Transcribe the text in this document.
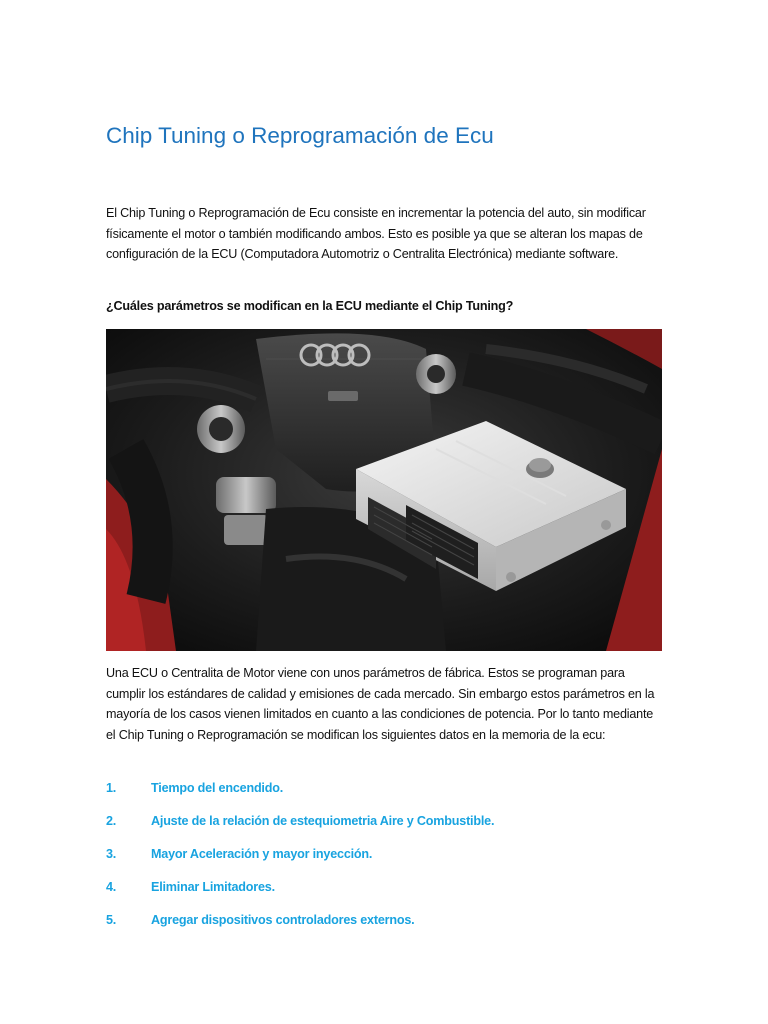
Chip Tuning o Reprogramación de Ecu

El Chip Tuning o Reprogramación de Ecu consiste en incrementar la potencia del auto, sin modificar físicamente el motor o también modificando ambos. Esto es posible ya que se alteran los mapas de configuración de la ECU (Computadora Automotriz o Centralita Electrónica) mediante software.

¿Cuáles parámetros se modifican en la ECU mediante el Chip Tuning?

Una ECU o Centralita de Motor viene con unos parámetros de fábrica. Estos se programan para cumplir los estándares de calidad y emisiones de cada mercado. Sin embargo estos parámetros en la mayoría de los casos vienen limitados en cuanto a las condiciones de potencia. Por lo tanto mediante el Chip Tuning o Reprogramación se modifican los siguientes datos en la memoria de la ecu:

1.	Tiempo del encendido.
2.	Ajuste de la relación de estequiometria Aire y Combustible.
3.	Mayor Aceleración y mayor inyección.
4.	Eliminar Limitadores.
5.	Agregar dispositivos controladores externos.
